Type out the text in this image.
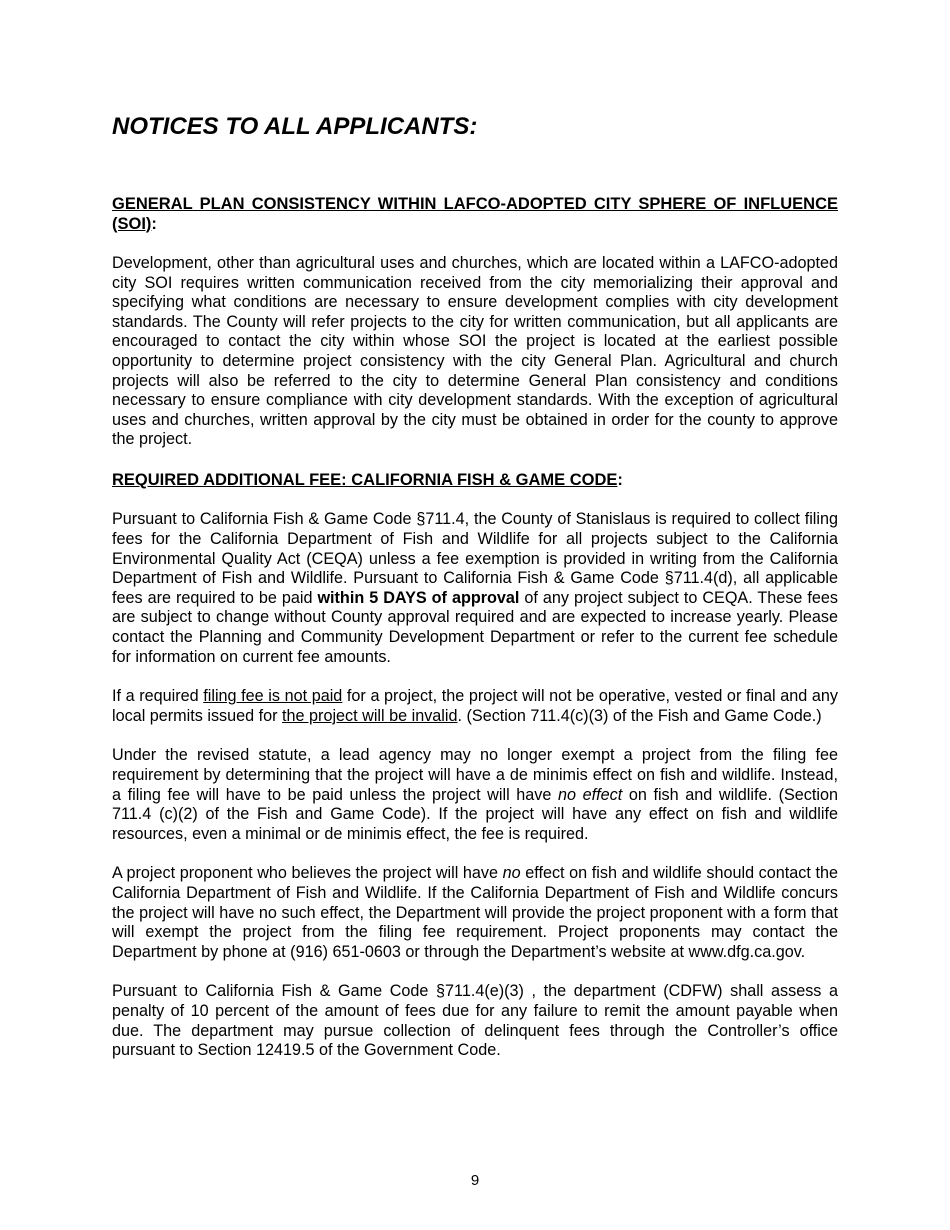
NOTICES TO ALL APPLICANTS:
GENERAL PLAN CONSISTENCY WITHIN LAFCO-ADOPTED CITY SPHERE OF INFLUENCE (SOI):

Development, other than agricultural uses and churches, which are located within a LAFCO-adopted city SOI requires written communication received from the city memorializing their approval and specifying what conditions are necessary to ensure development complies with city development standards. The County will refer projects to the city for written communication, but all applicants are encouraged to contact the city within whose SOI the project is located at the earliest possible opportunity to determine project consistency with the city General Plan. Agricultural and church projects will also be referred to the city to determine General Plan consistency and conditions necessary to ensure compliance with city development standards. With the exception of agricultural uses and churches, written approval by the city must be obtained in order for the county to approve the project.

REQUIRED ADDITIONAL FEE: CALIFORNIA FISH & GAME CODE:

Pursuant to California Fish & Game Code §711.4, the County of Stanislaus is required to collect filing fees for the California Department of Fish and Wildlife for all projects subject to the California Environmental Quality Act (CEQA) unless a fee exemption is provided in writing from the California Department of Fish and Wildlife. Pursuant to California Fish & Game Code §711.4(d), all applicable fees are required to be paid within 5 DAYS of approval of any project subject to CEQA. These fees are subject to change without County approval required and are expected to increase yearly. Please contact the Planning and Community Development Department or refer to the current fee schedule for information on current fee amounts.

If a required filing fee is not paid for a project, the project will not be operative, vested or final and any local permits issued for the project will be invalid. (Section 711.4(c)(3) of the Fish and Game Code.)

Under the revised statute, a lead agency may no longer exempt a project from the filing fee requirement by determining that the project will have a de minimis effect on fish and wildlife. Instead, a filing fee will have to be paid unless the project will have no effect on fish and wildlife. (Section 711.4 (c)(2) of the Fish and Game Code). If the project will have any effect on fish and wildlife resources, even a minimal or de minimis effect, the fee is required.

A project proponent who believes the project will have no effect on fish and wildlife should contact the California Department of Fish and Wildlife. If the California Department of Fish and Wildlife concurs the project will have no such effect, the Department will provide the project proponent with a form that will exempt the project from the filing fee requirement. Project proponents may contact the Department by phone at (916) 651-0603 or through the Department’s website at www.dfg.ca.gov.

Pursuant to California Fish & Game Code §711.4(e)(3) , the department (CDFW) shall assess a penalty of 10 percent of the amount of fees due for any failure to remit the amount payable when due. The department may pursue collection of delinquent fees through the Controller’s office pursuant to Section 12419.5 of the Government Code.

9
